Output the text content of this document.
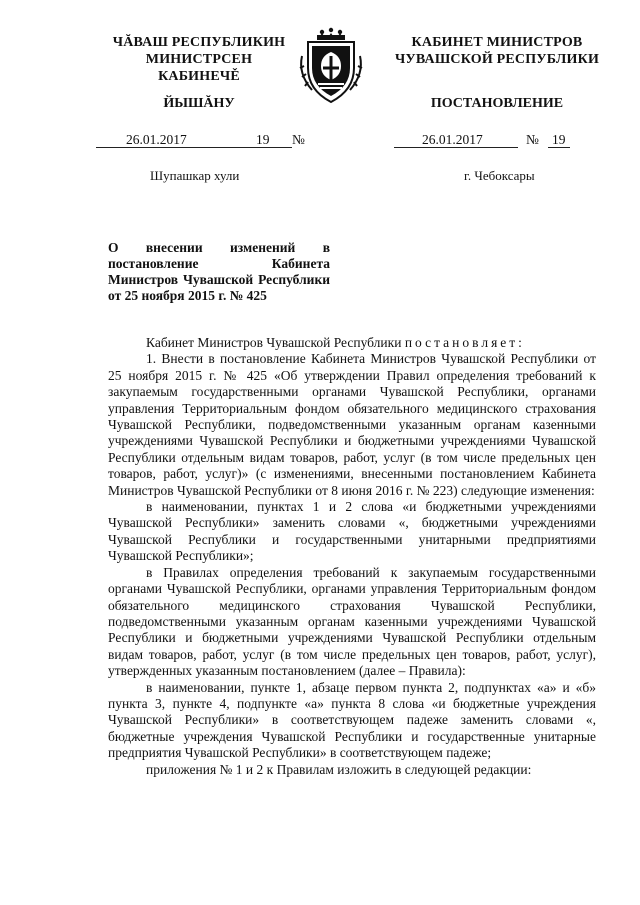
ЧĂВАШ РЕСПУБЛИКИН
МИНИСТРСЕН КАБИНЕЧĚ
ЙЫШĂНУ
КАБИНЕТ МИНИСТРОВ
ЧУВАШСКОЙ РЕСПУБЛИКИ
ПОСТАНОВЛЕНИЕ
26.01.2017	19 №	26.01.2017	№ 19
Шупашкар хули	г. Чебоксары
О внесении изменений в постановление Кабинета Министров Чувашской Республики от 25 ноября 2015 г. № 425

Кабинет Министров Чувашской Республики постановляет:

1. Внести в постановление Кабинета Министров Чувашской Республики от 25 ноября 2015 г. № 425 «Об утверждении Правил определения требований к закупаемым государственными органами Чувашской Республики, органами управления Территориальным фондом обязательного медицинского страхования Чувашской Республики, подведомственными указанным органам казенными учреждениями Чувашской Республики и бюджетными учреждениями Чувашской Республики отдельным видам товаров, работ, услуг (в том числе предельных цен товаров, работ, услуг)» (с изменениями, внесенными постановлением Кабинета Министров Чувашской Республики от 8 июня 2016 г. № 223) следующие изменения:

в наименовании, пунктах 1 и 2 слова «и бюджетными учреждениями Чувашской Республики» заменить словами «, бюджетными учреждениями Чувашской Республики и государственными унитарными предприятиями Чувашской Республики»;

в Правилах определения требований к закупаемым государственными органами Чувашской Республики, органами управления Территориальным фондом обязательного медицинского страхования Чувашской Республики, подведомственными указанным органам казенными учреждениями Чувашской Республики и бюджетными учреждениями Чувашской Республики отдельным видам товаров, работ, услуг (в том числе предельных цен товаров, работ, услуг), утвержденных указанным постановлением (далее – Правила):

в наименовании, пункте 1, абзаце первом пункта 2, подпунктах «а» и «б» пункта 3, пункте 4, подпункте «а» пункта 8 слова «и бюджетные учреждения Чувашской Республики» в соответствующем падеже заменить словами «, бюджетные учреждения Чувашской Республики и государственные унитарные предприятия Чувашской Республики» в соответствующем падеже;

приложения № 1 и 2 к Правилам изложить в следующей редакции:
